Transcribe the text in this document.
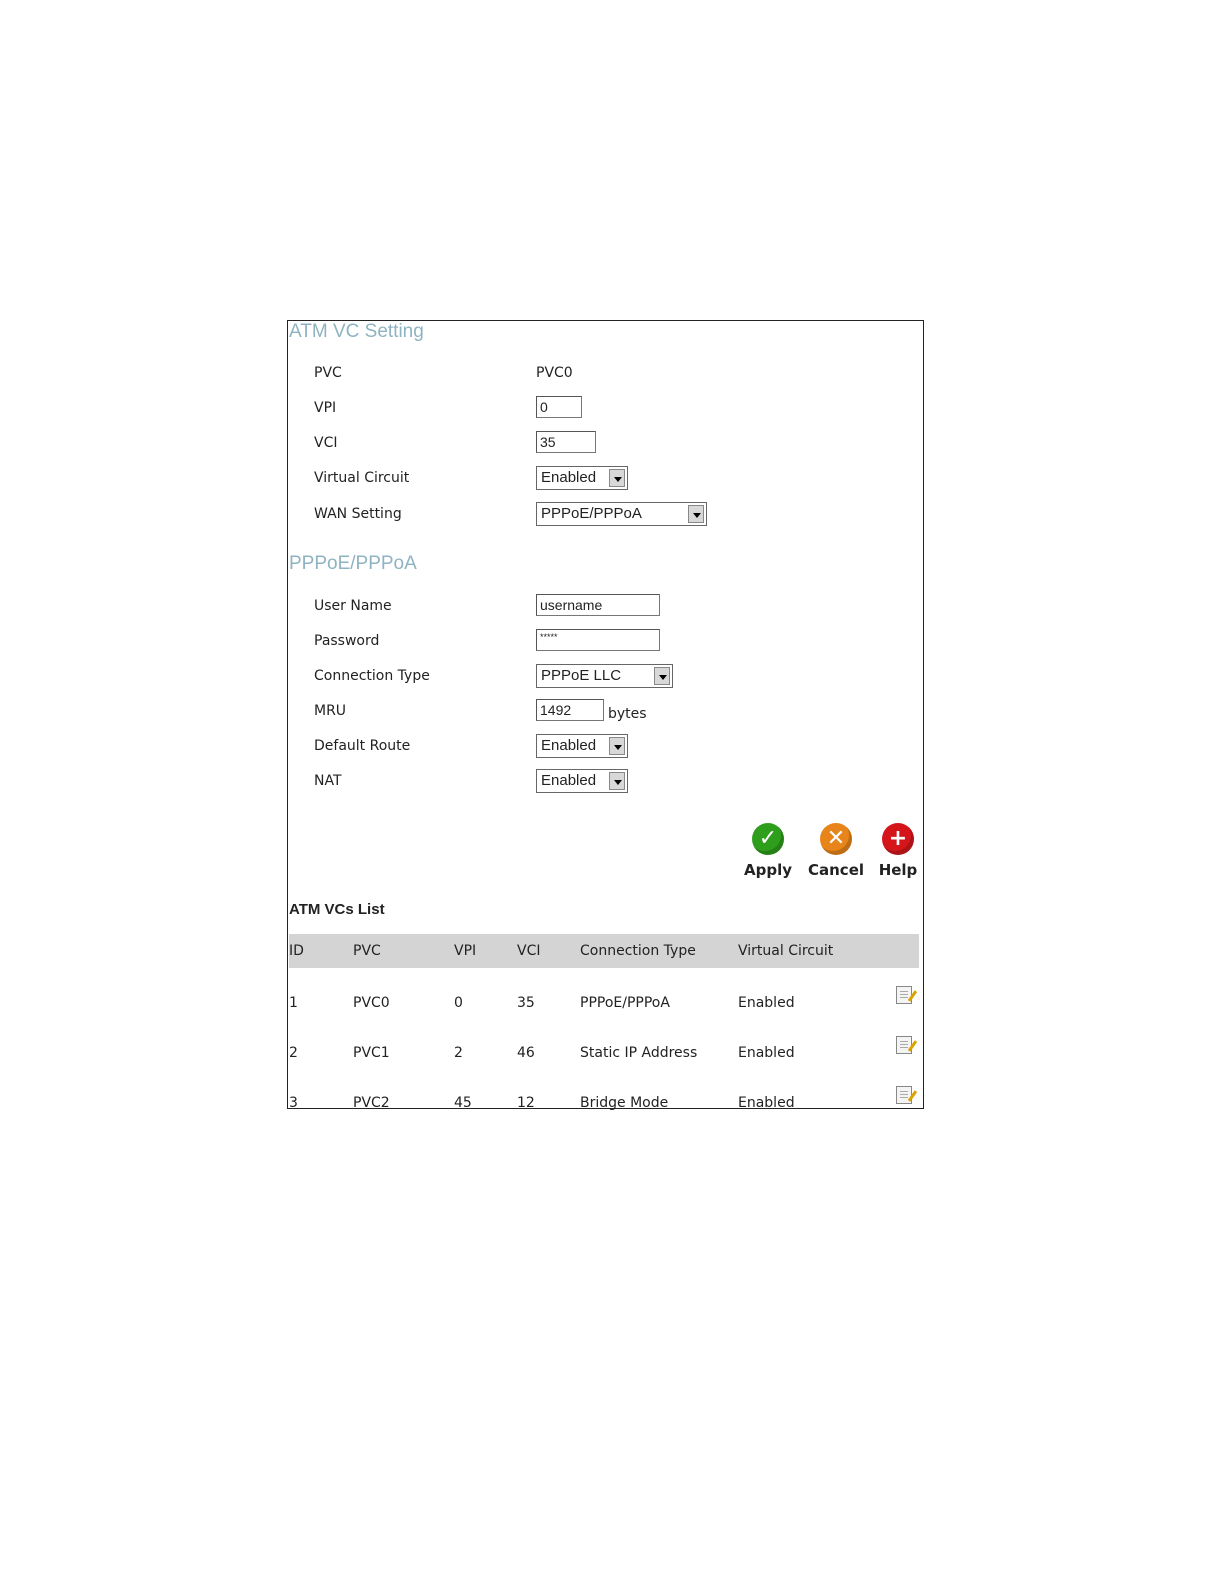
ATM VC Setting
PVC	PVC0
VPI	0
VCI	35
Virtual Circuit	Enabled
WAN Setting	PPPoE/PPPoA
PPPoE/PPPoA
User Name	username
Password	*****
Connection Type	PPPoE LLC
MRU	1492	bytes
Default Route	Enabled
NAT	Enabled
✓
Apply
✕
Cancel
+
Help
ATM VCs List
ID	PVC	VPI	VCI	Connection Type	Virtual Circuit
1	PVC0	0	35	PPPoE/PPPoA	Enabled
2	PVC1	2	46	Static IP Address	Enabled
3	PVC2	45	12	Bridge Mode	Enabled
